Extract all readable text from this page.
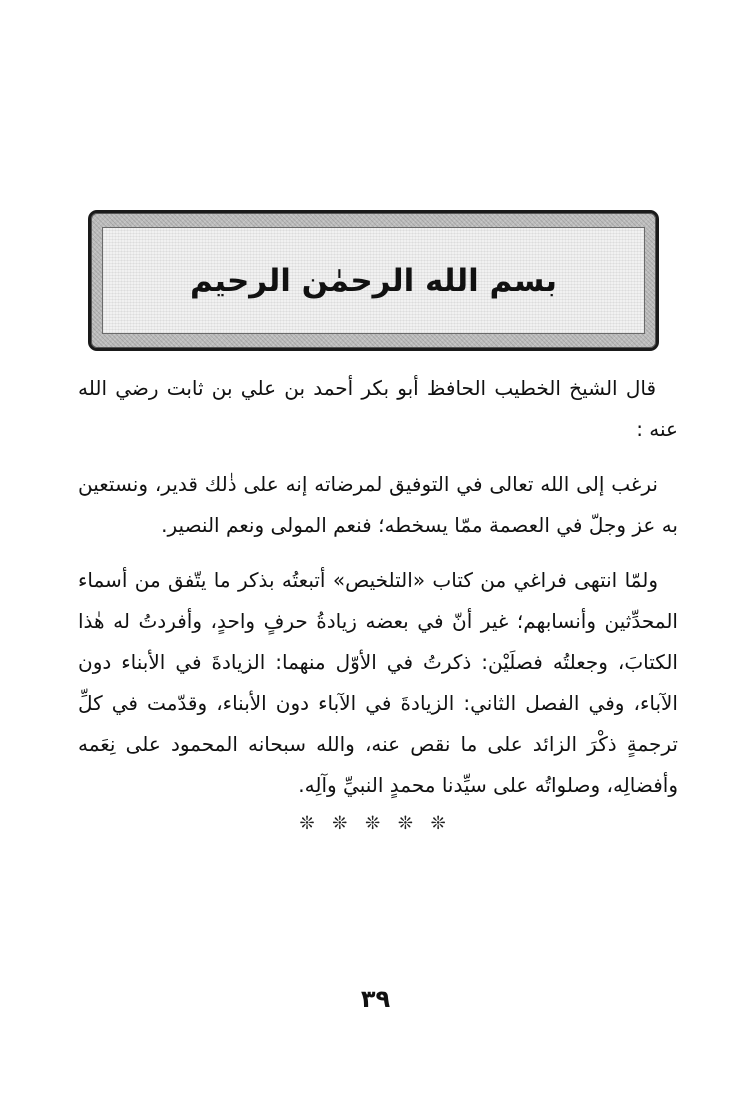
بسم الله الرحمٰن الرحيم

قال الشيخ الخطيب الحافظ أبو بكر أحمد بن علي بن ثابت رضي الله عنه :

نرغب إلى الله تعالى في التوفيق لمرضاته إنه على ذٰلك قدير، ونستعين به عز وجلّ في العصمة ممّا يسخطه؛ فنعم المولى ونعم النصير.

ولمّا انتهى فراغي من كتاب «التلخيص» أتبعتُه بذكر ما يتّفق من أسماء المحدِّثين وأنسابهم؛ غير أنّ في بعضه زيادةُ حرفٍ واحدٍ، وأفردتُ له هٰذا الكتابَ، وجعلتُه فصلَيْن: ذكرتُ في الأوّل منهما: الزيادةَ في الأبناء دون الآباء، وفي الفصل الثاني: الزيادةَ في الآباء دون الأبناء، وقدّمت في كلِّ ترجمةٍ ذكْرَ الزائد على ما نقص عنه، والله سبحانه المحمود على نِعَمه وأفضالِه، وصلواتُه على سيِّدنا محمدٍ النبيِّ وآلِه.

❊ ❊ ❊ ❊ ❊
٣٩
